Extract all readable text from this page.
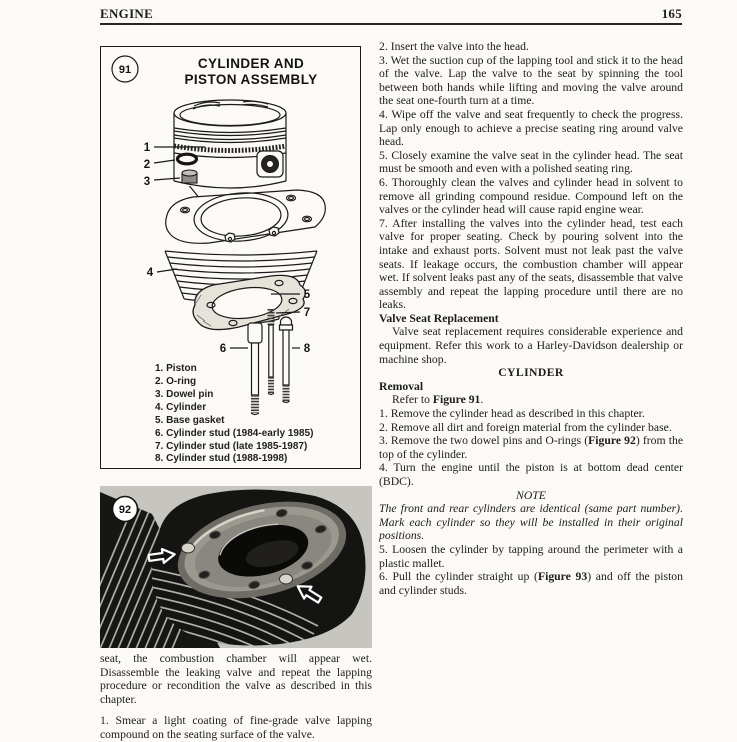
ENGINE	165
91	CYLINDER AND
PISTON ASSEMBLY
1
2
3
4
5
7
6	8
1. Piston
2. O-ring
3. Dowel pin
4. Cylinder
5. Base gasket
6. Cylinder stud (1984-early 1985)
7. Cylinder stud (late 1985-1987)
8. Cylinder stud (1988-1998)
92

seat, the combustion chamber will appear wet. Disassemble the leaking valve and repeat the lapping procedure or recondition the valve as described in this chapter.

1. Smear a light coating of fine-grade valve lapping compound on the seating surface of the valve.

2. Insert the valve into the head.

3. Wet the suction cup of the lapping tool and stick it to the head of the valve. Lap the valve to the seat by spinning the tool between both hands while lifting and moving the valve around the seat one-fourth turn at a time.

4. Wipe off the valve and seat frequently to check the progress. Lap only enough to achieve a precise seating ring around valve head.

5. Closely examine the valve seat in the cylinder head. The seat must be smooth and even with a polished seating ring.

6. Thoroughly clean the valves and cylinder head in solvent to remove all grinding compound residue. Compound left on the valves or the cylinder head will cause rapid engine wear.

7. After installing the valves into the cylinder head, test each valve for proper seating. Check by pouring solvent into the intake and exhaust ports. Solvent must not leak past the valve seats. If leakage occurs, the combustion chamber will appear wet. If solvent leaks past any of the seats, disassemble that valve assembly and repeat the lapping procedure until there are no leaks.

Valve Seat Replacement

Valve seat replacement requires considerable experience and equipment. Refer this work to a Harley-Davidson dealership or machine shop.

CYLINDER

Removal

Refer to Figure 91.

1. Remove the cylinder head as described in this chapter.

2. Remove all dirt and foreign material from the cylinder base.

3. Remove the two dowel pins and O-rings (Figure 92) from the top of the cylinder.

4. Turn the engine until the piston is at bottom dead center (BDC).

NOTE

The front and rear cylinders are identical (same part number). Mark each cylinder so they will be installed in their original positions.

5. Loosen the cylinder by tapping around the perimeter with a plastic mallet.

6. Pull the cylinder straight up (Figure 93) and off the piston and cylinder studs.
